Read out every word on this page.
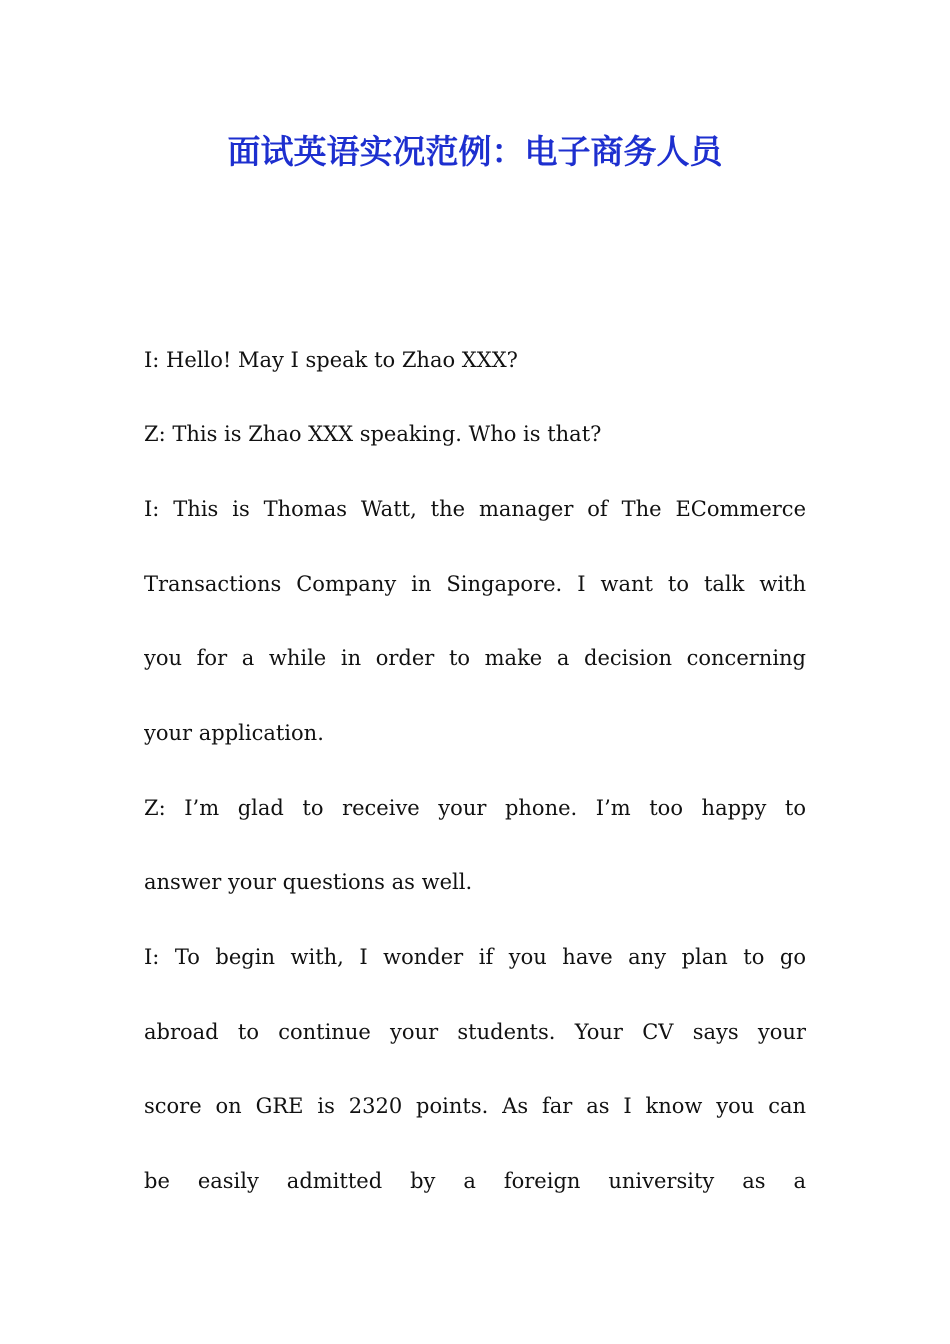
面试英语实况范例：电子商务人员
I: Hello! May I speak to Zhao XXX?
Z: This is Zhao XXX speaking. Who is that?
I: This is Thomas Watt, the manager of The ECommerce
Transactions Company in Singapore. I want to talk with
you for a while in order to make a decision concerning
your application.
Z: I’m glad to receive your phone. I’m too happy to
answer your questions as well.
I: To begin with, I wonder if you have any plan to go
abroad to continue your students. Your CV says your
score on GRE is 2320 points. As far as I know you can
be easily admitted by a foreign university as a
